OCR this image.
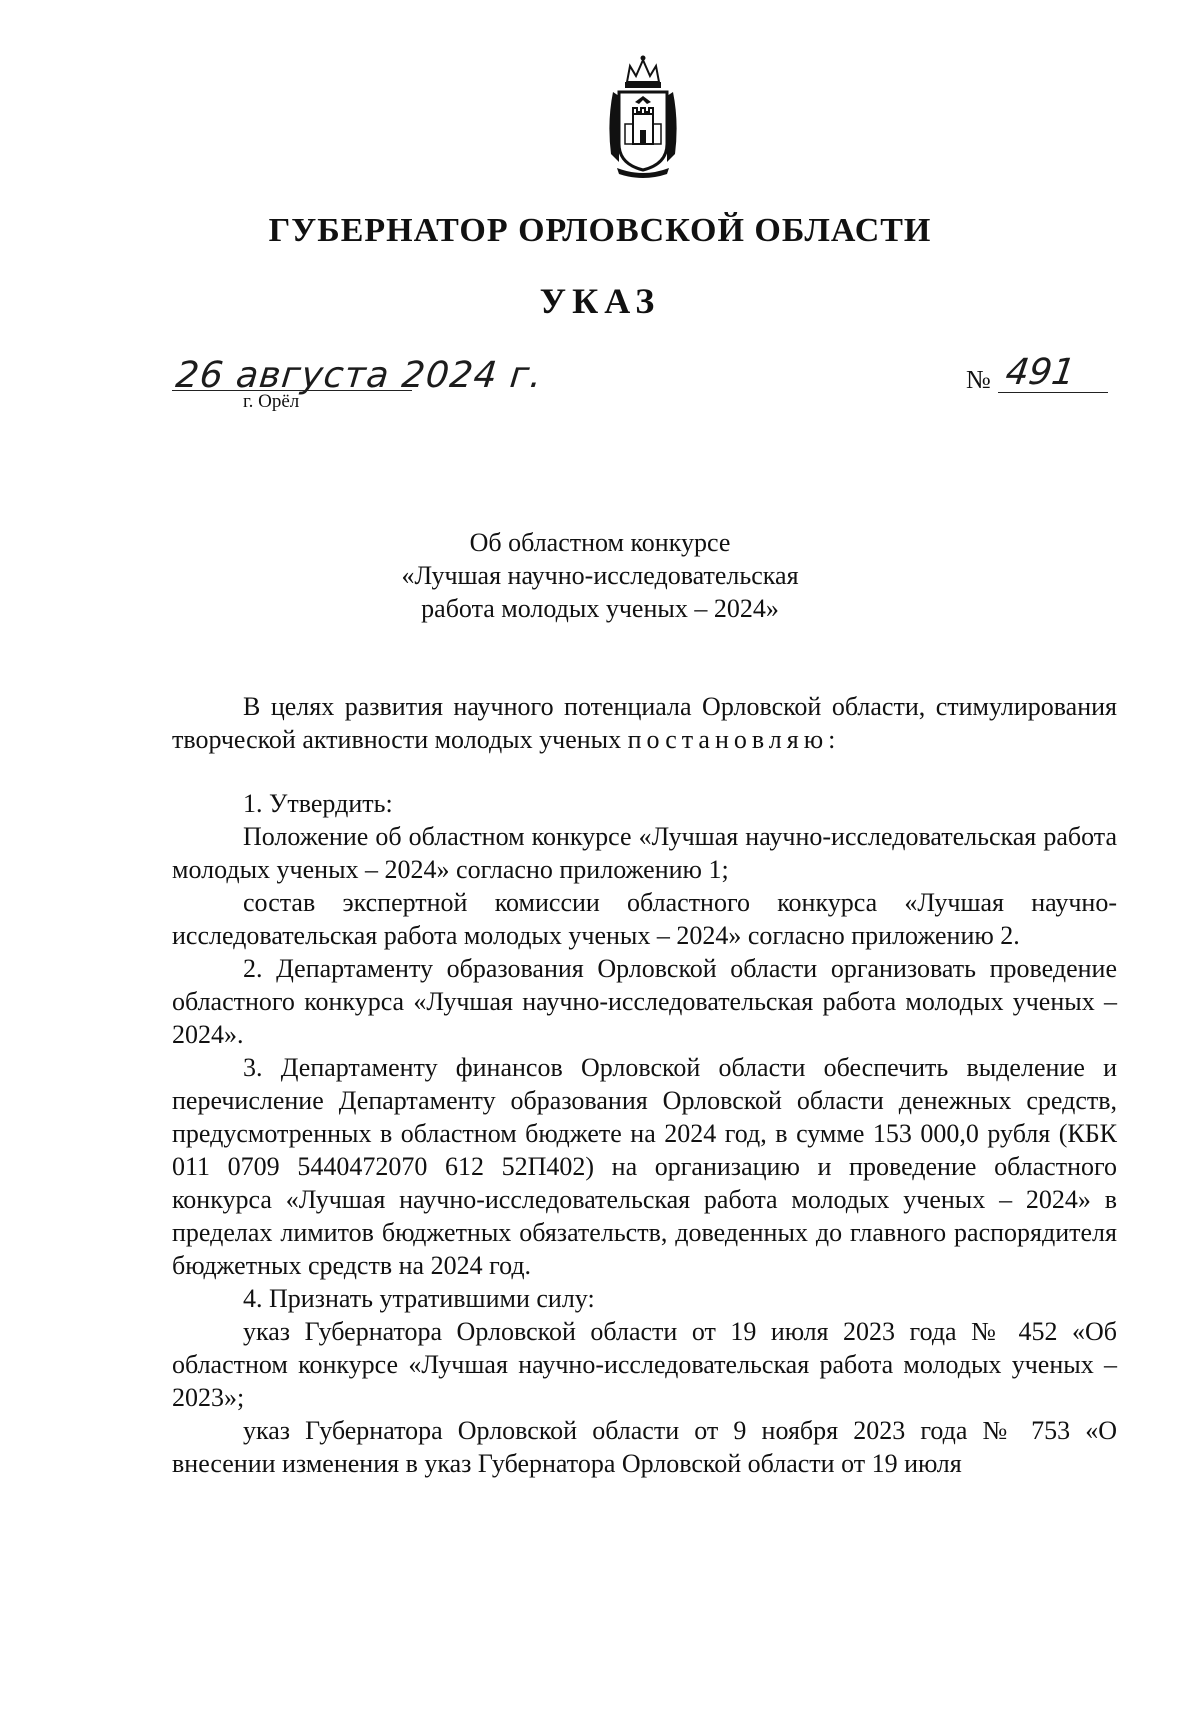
ГУБЕРНАТОР ОРЛОВСКОЙ ОБЛАСТИ
УКАЗ
26 августа 2024 г.
г. Орёл
№ 491
Об областном конкурсе
«Лучшая научно-исследовательская
работа молодых ученых – 2024»

В целях развития научного потенциала Орловской области, стимулирования творческой активности молодых ученых постановляю:

1. Утвердить:

Положение об областном конкурсе «Лучшая научно-исследовательская работа молодых ученых – 2024» согласно приложению 1;

состав экспертной комиссии областного конкурса «Лучшая научно-исследовательская работа молодых ученых – 2024» согласно приложению 2.

2. Департаменту образования Орловской области организовать проведение областного конкурса «Лучшая научно-исследовательская работа молодых ученых – 2024».

3. Департаменту финансов Орловской области обеспечить выделение и перечисление Департаменту образования Орловской области денежных средств, предусмотренных в областном бюджете на 2024 год, в сумме 153 000,0 рубля (КБК 011 0709 5440472070 612 52П402) на организацию и проведение областного конкурса «Лучшая научно-исследовательская работа молодых ученых – 2024» в пределах лимитов бюджетных обязательств, доведенных до главного распорядителя бюджетных средств на 2024 год.

4. Признать утратившими силу:

указ Губернатора Орловской области от 19 июля 2023 года № 452 «Об областном конкурсе «Лучшая научно-исследовательская работа молодых ученых – 2023»;

указ Губернатора Орловской области от 9 ноября 2023 года № 753 «О внесении изменения в указ Губернатора Орловской области от 19 июля
